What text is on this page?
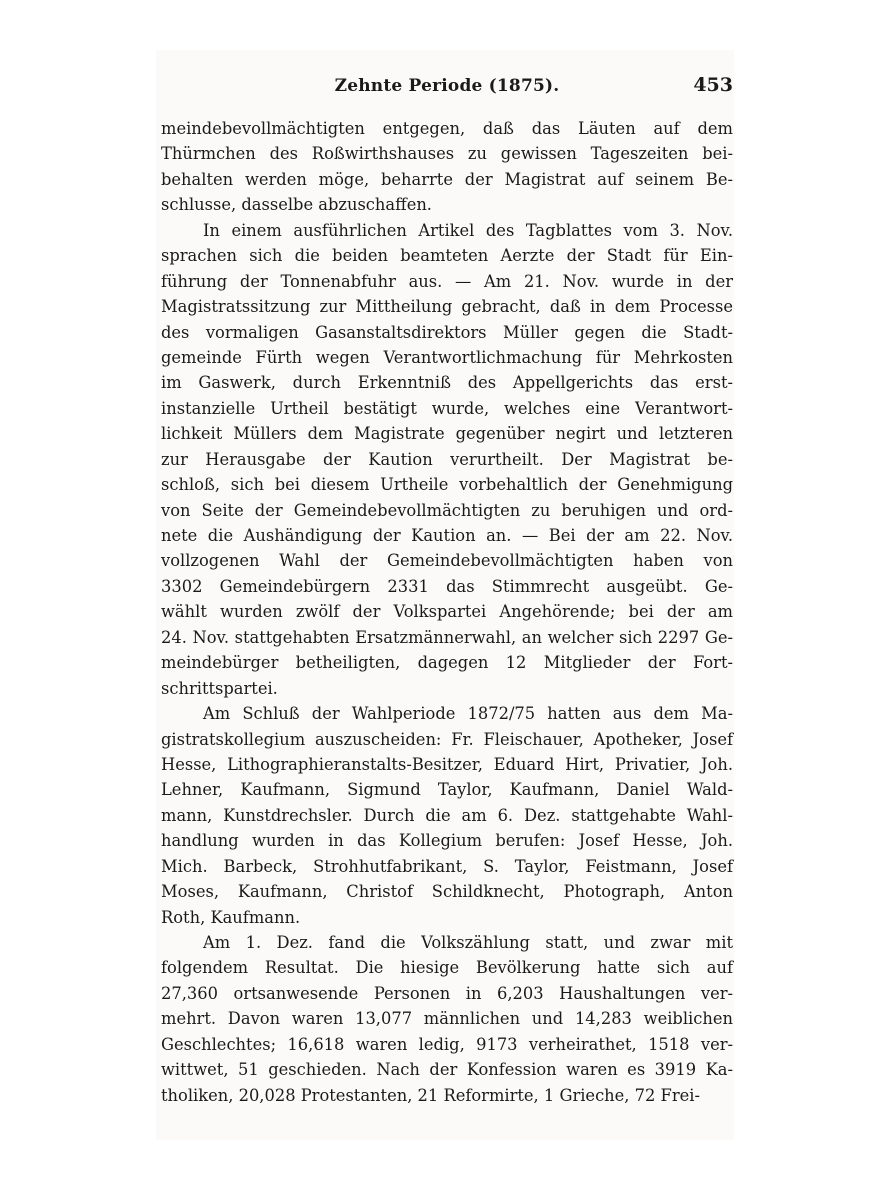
Zehnte Periode (1875).	453
meindebevollmächtigten entgegen, daß das Läuten auf dem
Thürmchen des Roßwirthshauses zu gewissen Tageszeiten bei-
behalten werden möge, beharrte der Magistrat auf seinem Be-
schlusse, dasselbe abzuschaffen.
In einem ausführlichen Artikel des Tagblattes vom 3. Nov.
sprachen sich die beiden beamteten Aerzte der Stadt für Ein-
führung der Tonnenabfuhr aus. — Am 21. Nov. wurde in der
Magistratssitzung zur Mittheilung gebracht, daß in dem Processe
des vormaligen Gasanstaltsdirektors Müller gegen die Stadt-
gemeinde Fürth wegen Verantwortlichmachung für Mehrkosten
im Gaswerk, durch Erkenntniß des Appellgerichts das erst-
instanzielle Urtheil bestätigt wurde, welches eine Verantwort-
lichkeit Müllers dem Magistrate gegenüber negirt und letzteren
zur Herausgabe der Kaution verurtheilt. Der Magistrat be-
schloß, sich bei diesem Urtheile vorbehaltlich der Genehmigung
von Seite der Gemeindebevollmächtigten zu beruhigen und ord-
nete die Aushändigung der Kaution an. — Bei der am 22. Nov.
vollzogenen Wahl der Gemeindebevollmächtigten haben von
3302 Gemeindebürgern 2331 das Stimmrecht ausgeübt. Ge-
wählt wurden zwölf der Volkspartei Angehörende; bei der am
24. Nov. stattgehabten Ersatzmännerwahl, an welcher sich 2297 Ge-
meindebürger betheiligten, dagegen 12 Mitglieder der Fort-
schrittspartei.
Am Schluß der Wahlperiode 1872/75 hatten aus dem Ma-
gistratskollegium auszuscheiden: Fr. Fleischauer, Apotheker, Josef
Hesse, Lithographieranstalts-Besitzer, Eduard Hirt, Privatier, Joh.
Lehner, Kaufmann, Sigmund Taylor, Kaufmann, Daniel Wald-
mann, Kunstdrechsler. Durch die am 6. Dez. stattgehabte Wahl-
handlung wurden in das Kollegium berufen: Josef Hesse, Joh.
Mich. Barbeck, Strohhutfabrikant, S. Taylor, Feistmann, Josef
Moses, Kaufmann, Christof Schildknecht, Photograph, Anton
Roth, Kaufmann.
Am 1. Dez. fand die Volkszählung statt, und zwar mit
folgendem Resultat. Die hiesige Bevölkerung hatte sich auf
27,360 ortsanwesende Personen in 6,203 Haushaltungen ver-
mehrt. Davon waren 13,077 männlichen und 14,283 weiblichen
Geschlechtes; 16,618 waren ledig, 9173 verheirathet, 1518 ver-
wittwet, 51 geschieden. Nach der Konfession waren es 3919 Ka-
tholiken, 20,028 Protestanten, 21 Reformirte, 1 Grieche, 72 Frei-
